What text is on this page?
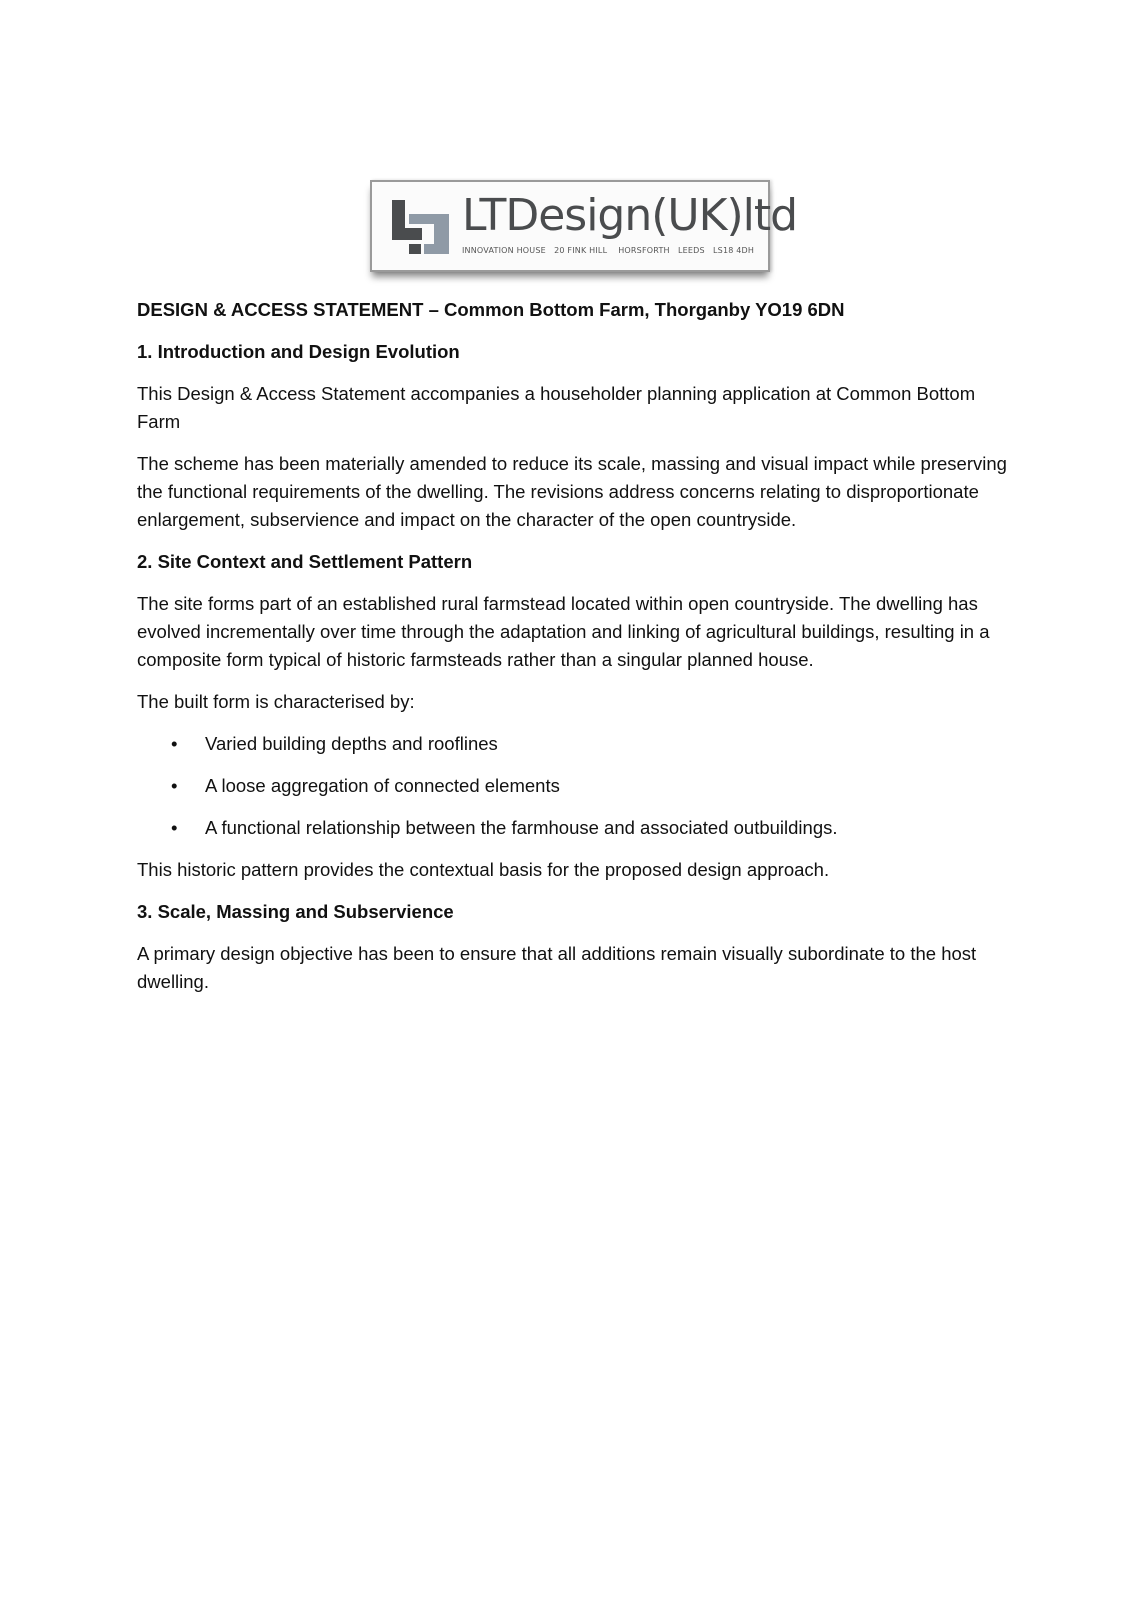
LTDesign(UK)ltd
INNOVATION HOUSE   20 FINK HILL    HORSFORTH   LEEDS   LS18 4DH
DESIGN & ACCESS STATEMENT – Common Bottom Farm, Thorganby YO19 6DN
1. Introduction and Design Evolution

This Design & Access Statement accompanies a householder planning application at Common Bottom Farm

The scheme has been materially amended to reduce its scale, massing and visual impact while preserving the functional requirements of the dwelling. The revisions address concerns relating to disproportionate enlargement, subservience and impact on the character of the open countryside.

2. Site Context and Settlement Pattern

The site forms part of an established rural farmstead located within open countryside. The dwelling has evolved incrementally over time through the adaptation and linking of agricultural buildings, resulting in a composite form typical of historic farmsteads rather than a singular planned house.

The built form is characterised by:

• Varied building depths and rooflines
• A loose aggregation of connected elements
• A functional relationship between the farmhouse and associated outbuildings.

This historic pattern provides the contextual basis for the proposed design approach.

3. Scale, Massing and Subservience

A primary design objective has been to ensure that all additions remain visually subordinate to the host dwelling.
